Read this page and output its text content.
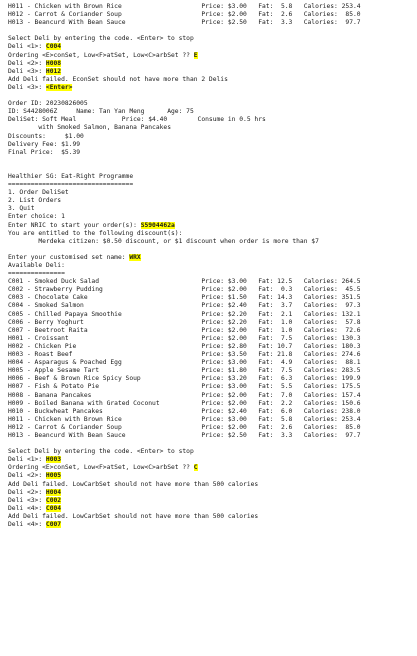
H011 - Chicken with Brown Rice                     Price: $3.00   Fat:  5.8   Calories: 253.4
H012 - Carrot & Coriander Soup                     Price: $2.00   Fat:  2.6   Calories:  85.0
H013 - Beancurd With Bean Sauce                    Price: $2.50   Fat:  3.3   Calories:  97.7
Select Deli by entering the code. <Enter> to stop
Deli <1>: C004
Ordering <E>conSet, Low<F>atSet, Low<C>arbSet ?? E
Deli <2>: H008
Deli <3>: H012
Add Deli failed. EconSet should not have more than 2 Delis
Deli <3>: <Enter>
Order ID: 20230826005
ID: S4428006Z     Name: Tan Yan Meng      Age: 75
DeliSet: Soft Meal            Price: $4.40        Consume in 0.5 hrs
with Smoked Salmon, Banana Pancakes
Discounts:     $1.00
Delivery Fee: $1.99
Final Price:  $5.39
Healthier SG: Eat-Right Programme
=================================
1. Order DeliSet
2. List Orders
3. Quit
Enter choice: 1
Enter NRIC to start your order(s): S5904462a
You are entitled to the following discount(s):
Merdeka citizen: $0.50 discount, or $1 discount when order is more than $7
Enter your customised set name: WRX
Available Deli:
===============
C001 - Smoked Duck Salad                           Price: $3.00   Fat: 12.5   Calories: 264.5
C002 - Strawberry Pudding                          Price: $2.00   Fat:  0.3   Calories:  45.5
C003 - Chocolate Cake                              Price: $1.50   Fat: 14.3   Calories: 351.5
C004 - Smoked Salmon                               Price: $2.40   Fat:  3.7   Calories:  97.3
C005 - Chilled Papaya Smoothie                     Price: $2.20   Fat:  2.1   Calories: 132.1
C006 - Berry Yoghurt                               Price: $2.20   Fat:  1.0   Calories:  57.8
C007 - Beetroot Raita                              Price: $2.00   Fat:  1.0   Calories:  72.6
H001 - Croissant                                   Price: $2.00   Fat:  7.5   Calories: 130.3
H002 - Chicken Pie                                 Price: $2.80   Fat: 10.7   Calories: 180.3
H003 - Roast Beef                                  Price: $3.50   Fat: 21.8   Calories: 274.6
H004 - Asparagus & Poached Egg                     Price: $3.00   Fat:  4.9   Calories:  88.1
H005 - Apple Sesame Tart                           Price: $1.80   Fat:  7.5   Calories: 283.5
H006 - Beef & Brown Rice Spicy Soup                Price: $3.20   Fat:  6.3   Calories: 199.9
H007 - Fish & Potato Pie                           Price: $3.00   Fat:  5.5   Calories: 175.5
H008 - Banana Pancakes                             Price: $2.00   Fat:  7.0   Calories: 157.4
H009 - Boiled Banana with Grated Coconut           Price: $2.00   Fat:  2.2   Calories: 150.6
H010 - Buckwheat Pancakes                          Price: $2.40   Fat:  6.0   Calories: 238.0
H011 - Chicken with Brown Rice                     Price: $3.00   Fat:  5.8   Calories: 253.4
H012 - Carrot & Coriander Soup                     Price: $2.00   Fat:  2.6   Calories:  85.0
H013 - Beancurd With Bean Sauce                    Price: $2.50   Fat:  3.3   Calories:  97.7
Select Deli by entering the code. <Enter> to stop
Deli <1>: H003
Ordering <E>conSet, Low<F>atSet, Low<C>arbSet ?? C
Deli <2>: H005
Add Deli failed. LowCarbSet should not have more than 500 calories
Deli <2>: H004
Deli <3>: C002
Deli <4>: C004
Add Deli failed. LowCarbSet should not have more than 500 calories
Deli <4>: C007
